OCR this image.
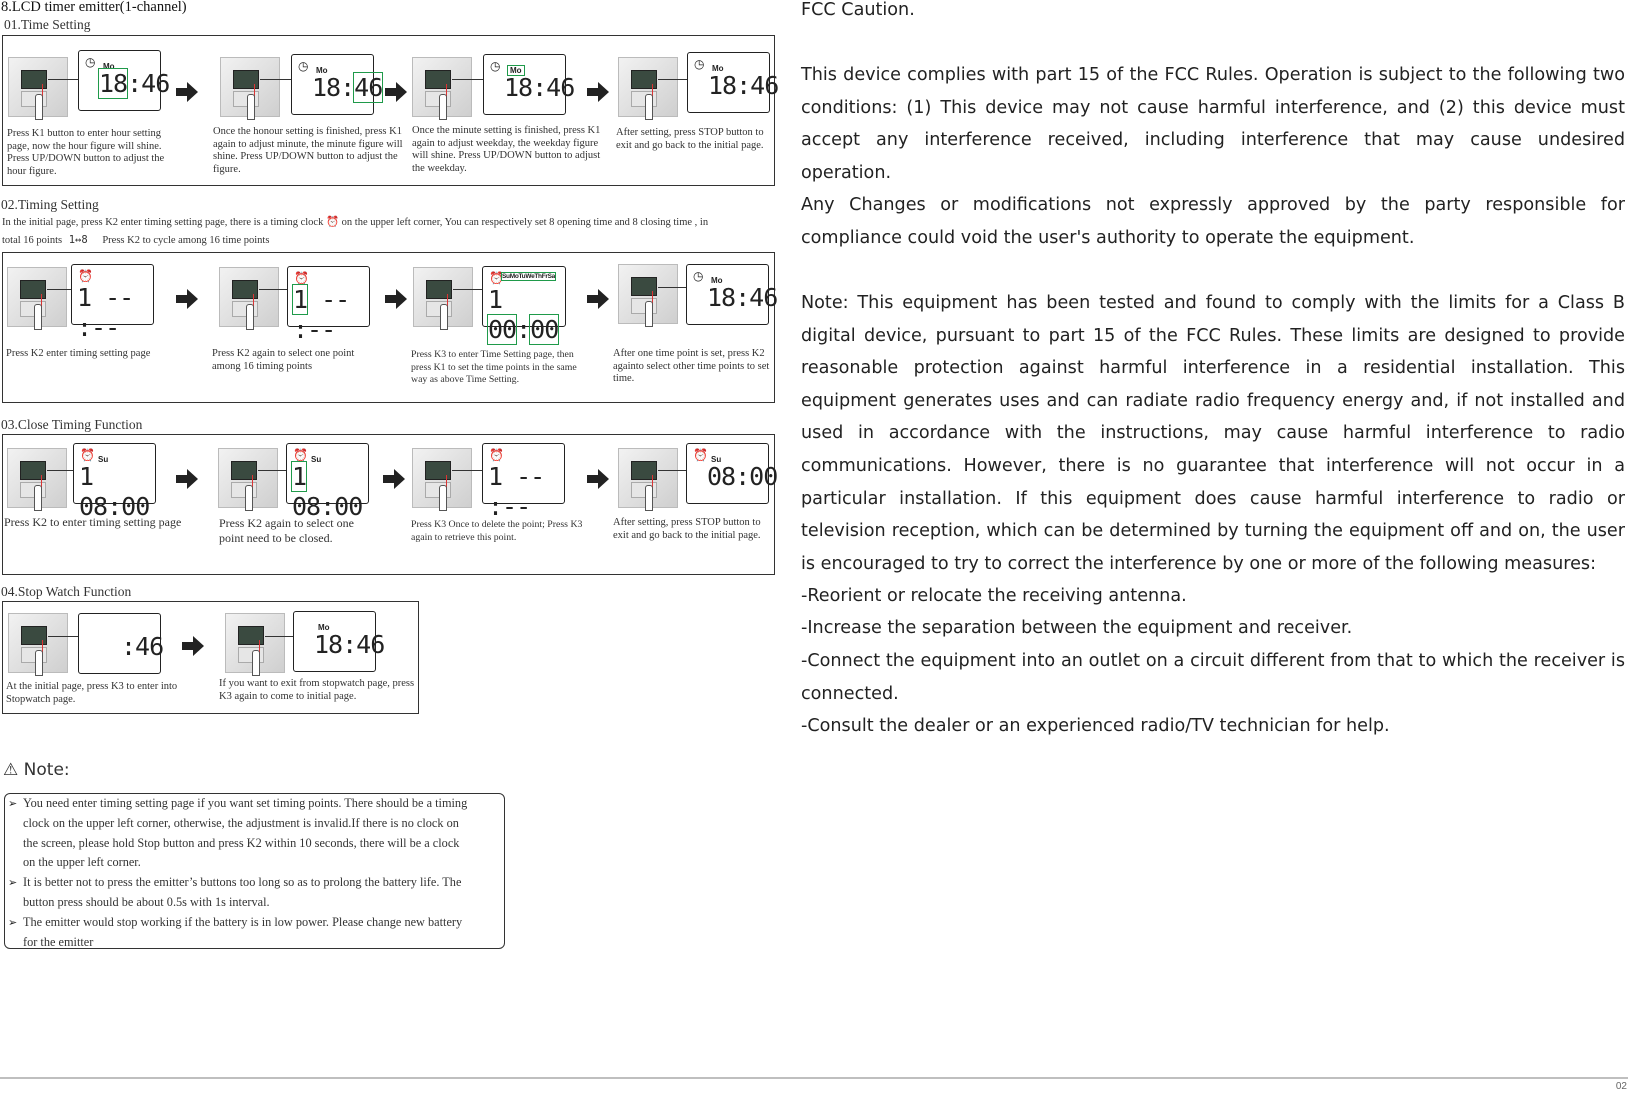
8.LCD timer emitter(1-channel)
01.Time Setting
◷ Mo
18:46
Press K1 button to enter hour setting page, now the hour figure will shine. Press UP/DOWN button to adjust the hour figure.
◷ Mo
18:46
Once the honour setting is finished, press K1 again to adjust minute, the minute figure will shine. Press UP/DOWN button to adjust the figure.
◷ Mo
18:46
Once the minute setting is finished, press K1 again to adjust weekday, the weekday figure will shine. Press UP/DOWN button to adjust the weekday.
◷ Mo
18:46
After setting, press STOP button to exit and go back to the initial page.
02.Timing Setting
In the initial page, press K2 enter timing setting page, there is a timing clock ⏰ on the upper left corner, You can respectively set 8 opening time and 8 closing time , in
total 16 points 1↔8 Press K2 to cycle among 16 time points
⏰
1 -- :--
Press K2 enter timing setting page
⏰
1 -- :--
Press K2 again to select one point among 16 timing points
⏰
SuMoTuWeThFrSa
1 00:00
Press K3 to enter Time Setting page, then press K1 to set the time points in the same way as above Time Setting.
◷ Mo
18:46
After one time point is set, press K2 againto select other time points to set time.
03.Close Timing Function
⏰ Su
1 08:00
Press K2 to enter timing setting page
⏰ Su
1 08:00
Press K2 again to select one point need to be closed.
⏰
1 -- :--
Press K3 Once to delete the point; Press K3 again to retrieve this point.
⏰ Su
08:00
After setting, press STOP button to exit and go back to the initial page.
04.Stop Watch Function
:46
At the initial page, press K3 to enter into Stopwatch page.
Mo
18:46
If you want to exit from stopwatch page, press K3 again to come to initial page.
⚠ Note:
➢ You need enter timing setting page if you want set timing points. There should be a timing
clock on the upper left corner, otherwise, the adjustment is invalid.If there is no clock on
the screen, please hold Stop button and press K2 within 10 seconds, there will be a clock
on the upper left corner.
➢ It is better not to press the emitter’s buttons too long so as to prolong the battery life. The
button press should be about 0.5s with 1s interval.
➢ The emitter would stop working if the battery is in low power. Please change new battery
for the emitter
FCC Caution.
This device complies with part 15 of the FCC Rules. Operation is subject to the following two conditions: (1) This device may not cause harmful interference, and (2) this device must accept any interference received, including interference that may cause undesired operation.
Any Changes or modifications not expressly approved by the party responsible for compliance could void the user's authority to operate the equipment.
Note: This equipment has been tested and found to comply with the limits for a Class B digital device, pursuant to part 15 of the FCC Rules. These limits are designed to provide reasonable protection against harmful interference in a residential installation. This equipment generates uses and can radiate radio frequency energy and, if not installed and used in accordance with the instructions, may cause harmful interference to radio communications. However, there is no guarantee that interference will not occur in a particular installation. If this equipment does cause harmful interference to radio or television reception, which can be determined by turning the equipment off and on, the user is encouraged to try to correct the interference by one or more of the following measures:
-Reorient or relocate the receiving antenna.
-Increase the separation between the equipment and receiver.
-Connect the equipment into an outlet on a circuit different from that to which the receiver is connected.
-Consult the dealer or an experienced radio/TV technician for help.
02
